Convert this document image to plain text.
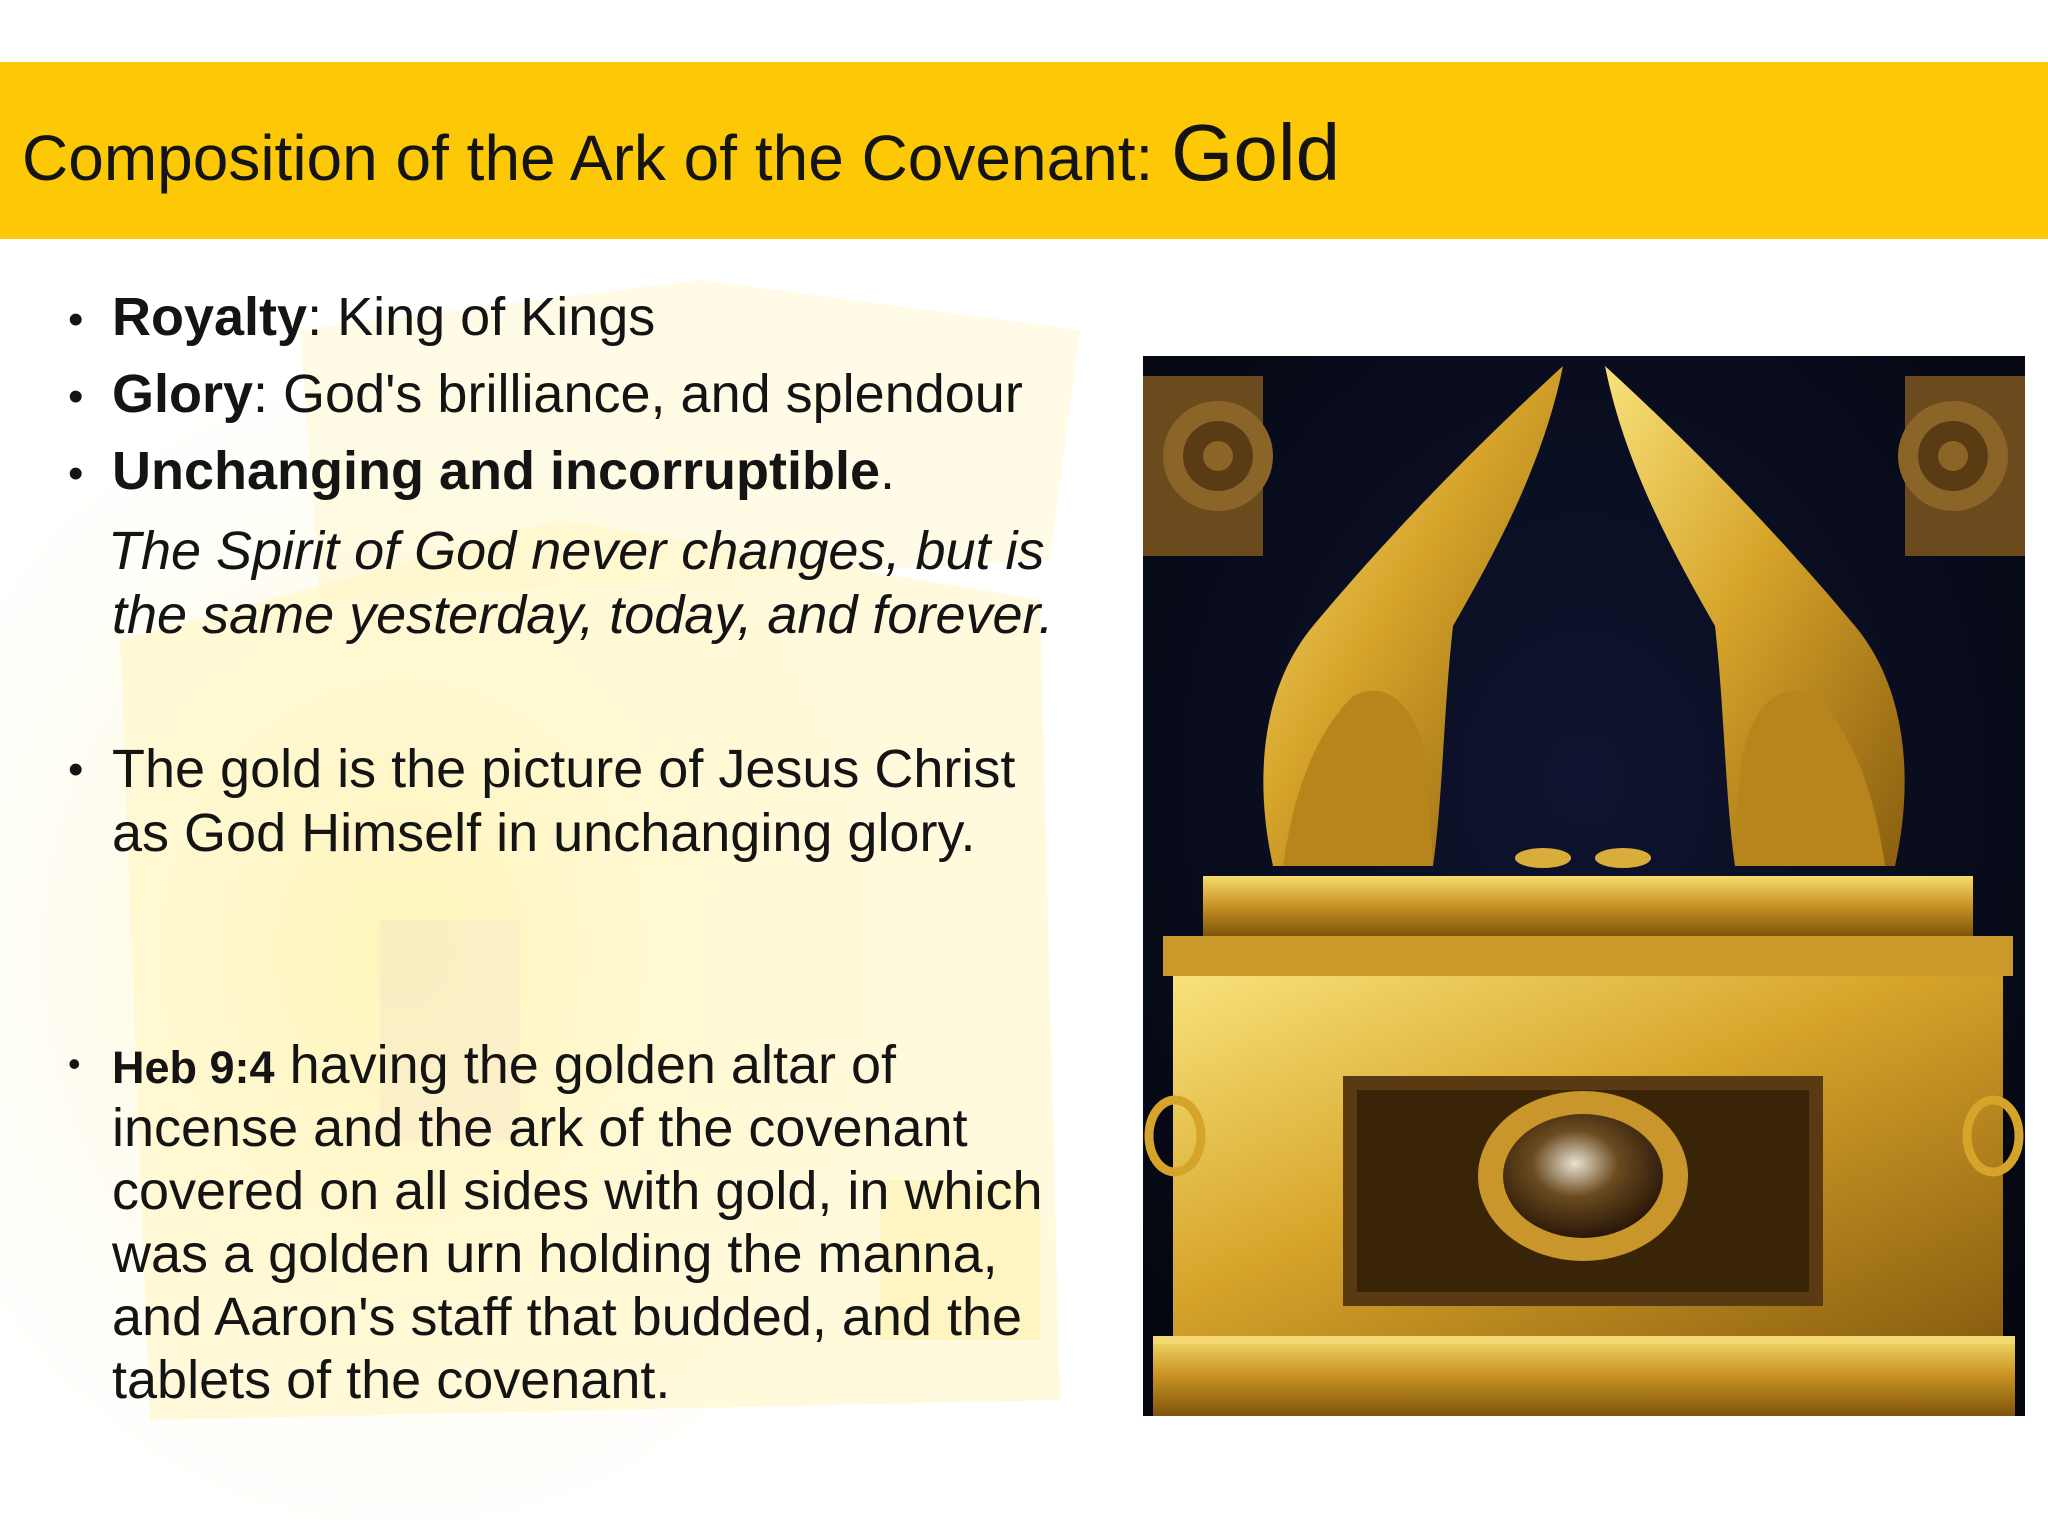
Composition of the Ark of the Covenant: Gold
• Royalty: King of Kings
• Glory: God's brilliance, and splendour
• Unchanging and incorruptible.
The Spirit of God never changes, but is
the same yesterday, today, and forever.
• The gold is the picture of Jesus Christ
as God Himself in unchanging glory.
• Heb 9:4 having the golden altar of
incense and the ark of the covenant
covered on all sides with gold, in which
was a golden urn holding the manna,
and Aaron's staff that budded, and the
tablets of the covenant.
